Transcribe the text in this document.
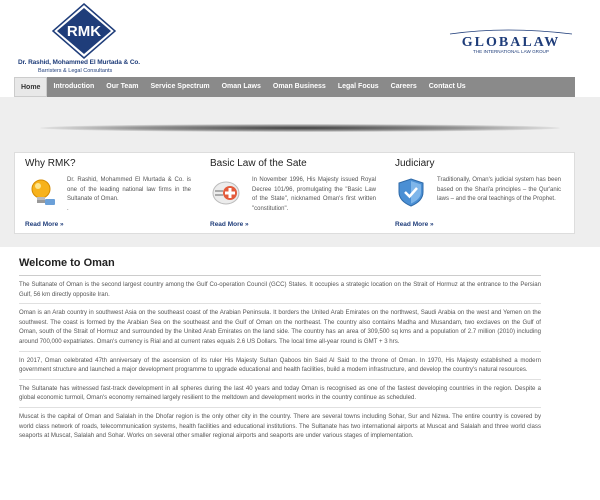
RMK
Dr. Rashid, Mohammed El Murtada & Co.
Barristers & Legal Consultants
GLOBALAW
THE INTERNATIONAL LAW GROUP
Home	Introduction	Our Team	Service Spectrum	Oman Laws	Oman Business	Legal Focus	Careers	Contact Us
Why RMK?
Dr. Rashid, Mohammed El Murtada & Co. is one of the leading national law firms in the Sultanate of Oman.
.
Read More »
Basic Law of the Sate
In November 1996, His Majesty issued Royal Decree 101/96, promulgating the "Basic Law of the State", nicknamed Oman's first written "constitution".
Read More »
Judiciary
Traditionally, Oman's judicial system has been based on the Shari'a principles – the Qur'anic laws – and the oral teachings of the Prophet.
Read More »
Welcome to Oman
The Sultanate of Oman is the second largest country among the Gulf Co-operation Council (GCC) States. It occupies a strategic location on the Strait of Hormuz at the entrance to the Persian Gulf, 56 km directly opposite Iran.
Oman is an Arab country in southwest Asia on the southeast coast of the Arabian Peninsula. It borders the United Arab Emirates on the northwest, Saudi Arabia on the west and Yemen on the southwest. The coast is formed by the Arabian Sea on the southeast and the Gulf of Oman on the northeast. The country also contains Madha and Musandam, two exclaves on the Gulf of Oman, south of the Strait of Hormuz and surrounded by the United Arab Emirates on the land side. The country has an area of 309,500 sq kms and a population of 2.7 million (2010) including around 700,000 expatriates. Oman's currency is Rial and at current rates equals 2.6 US Dollars. The local time all-year round is GMT + 3 hrs.
In 2017, Oman celebrated 47th anniversary of the ascension of its ruler His Majesty Sultan Qaboos bin Said Al Said to the throne of Oman. In 1970, His Majesty established a modern government structure and launched a major development programme to upgrade educational and health facilities, build a modern infrastructure, and develop the country's natural resources.
The Sultanate has witnessed fast-track development in all spheres during the last 40 years and today Oman is recognised as one of the fastest developing countries in the region. Despite a global economic turmoil, Oman's economy remained largely resilient to the meltdown and development works in the country continue as scheduled.
Muscat is the capital of Oman and Salalah in the Dhofar region is the only other city in the country. There are several towns including Sohar, Sur and Nizwa. The entire country is covered by world class network of roads, telecommunication systems, health facilities and educational institutions. The Sultanate has two international airports at Muscat and Salalah and three world class seaports at Muscat, Salalah and Sohar. Works on several other smaller regional airports and seaports are under various stages of implementation.
